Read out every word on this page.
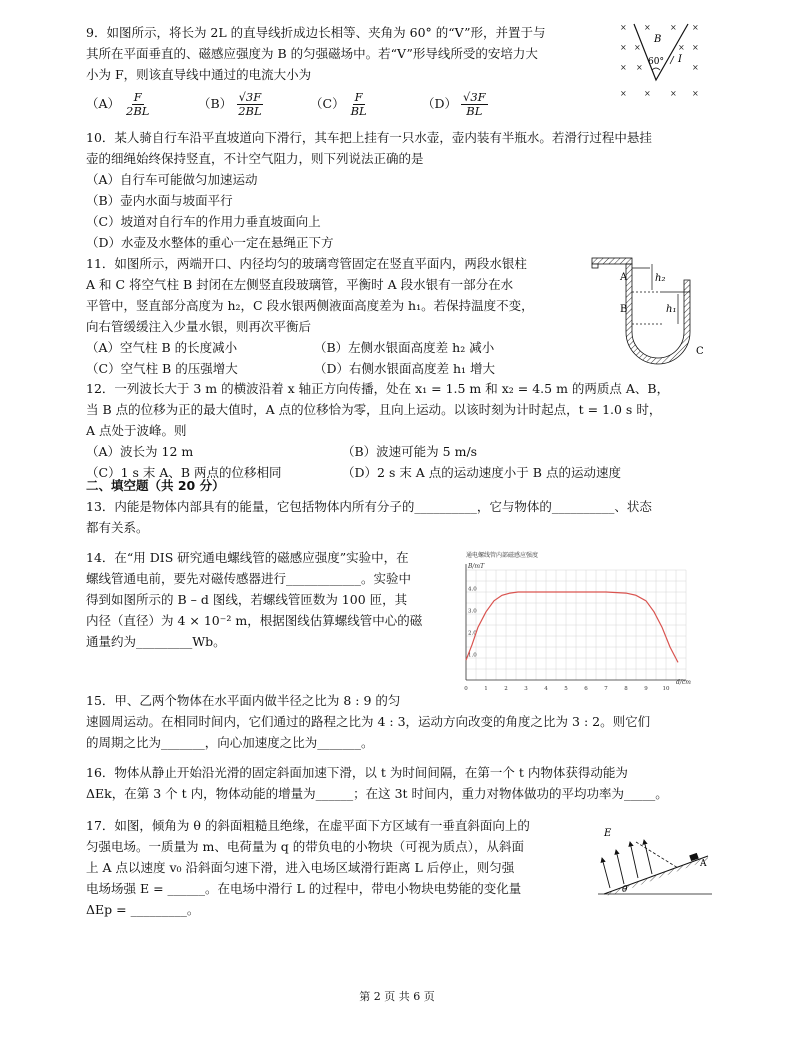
9．如图所示，将长为 2L 的直导线折成边长相等、夹角为 60° 的“V”形，并置于与
其所在平面垂直的、磁感应强度为 B 的匀强磁场中。若“V”形导线所受的安培力大
小为 F，则该直导线中通过的电流大小为
$(A) \frac{F}{2BL}$	$(B) \frac{√3F}{2BL}$	$(C) \frac{F}{BL}$	$(D) \frac{√3F}{BL}$
× × × ×
× ×	× ×
× ×	×
× × × ×
B
60° I
10．某人骑自行车沿平直坡道向下滑行，其车把上挂有一只水壶，壶内装有半瓶水。若滑行过程中悬挂
壶的细绳始终保持竖直，不计空气阻力，则下列说法正确的是
（A）自行车可能做匀加速运动
（B）壶内水面与坡面平行
（C）坡道对自行车的作用力垂直坡面向上
（D）水壶及水整体的重心一定在悬绳正下方
11．如图所示，两端开口、内径均匀的玻璃弯管固定在竖直平面内，两段水银柱
A 和 C 将空气柱 B 封闭在左侧竖直段玻璃管，平衡时 A 段水银有一部分在水
平管中，竖直部分高度为 h₂，C 段水银两侧液面高度差为 h₁。若保持温度不变，
向右管缓缓注入少量水银，则再次平衡后
（A）空气柱 B 的长度减小	（B）左侧水银面高度差 h₂ 减小
（C）空气柱 B 的压强增大	（D）右侧水银面高度差 h₁ 增大
A
B
C
h₂
h₁
12．一列波长大于 3 m 的横波沿着 x 轴正方向传播，处在 x₁ = 1.5 m 和 x₂ = 4.5 m 的两质点 A、B，
当 B 点的位移为正的最大值时，A 点的位移恰为零，且向上运动。以该时刻为计时起点，t = 1.0 s 时，
A 点处于波峰。则
（A）波长为 12 m	（B）波速可能为 5 m/s
（C）1 s 末 A、B 两点的位移相同	（D）2 s 末 A 点的运动速度小于 B 点的运动速度
二、填空题（共 20 分）
13．内能是物体内部具有的能量，它包括物体内所有分子的__________，它与物体的__________、状态
都有关系。
14．在“用 DIS 研究通电螺线管的磁感应强度”实验中，在
螺线管通电前，要先对磁传感器进行____________。实验中
得到如图所示的 B – d 图线，若螺线管匝数为 100 匝，其
内径（直径）为 4 × 10⁻² m，根据图线估算螺线管中心的磁
通量约为_________Wb。
通电螺线管内部磁感应强度
B/mT
d/cm
0	1	2	3	4	5	6	7	8	9	10
1.0
2.0
3.0
4.0
15．甲、乙两个物体在水平面内做半径之比为 8 : 9 的匀
速圆周运动。在相同时间内，它们通过的路程之比为 4 : 3，运动方向改变的角度之比为 3 : 2。则它们
的周期之比为_______，向心加速度之比为_______。
16．物体从静止开始沿光滑的固定斜面加速下滑，以 t 为时间间隔，在第一个 t 内物体获得动能为
ΔEk，在第 3 个 t 内，物体动能的增量为______；在这 3t 时间内，重力对物体做功的平均功率为_____。
17．如图，倾角为 θ 的斜面粗糙且绝缘，在虚平面下方区域有一垂直斜面向上的
匀强电场。一质量为 m、电荷量为 q 的带负电的小物块（可视为质点），从斜面
上 A 点以速度 v₀ 沿斜面匀速下滑，进入电场区域滑行距离 L 后停止，则匀强
电场场强 E = ______。在电场中滑行 L 的过程中，带电小物块电势能的变化量
ΔEp = _________。
E
A
θ
第 2 页 共 6 页
